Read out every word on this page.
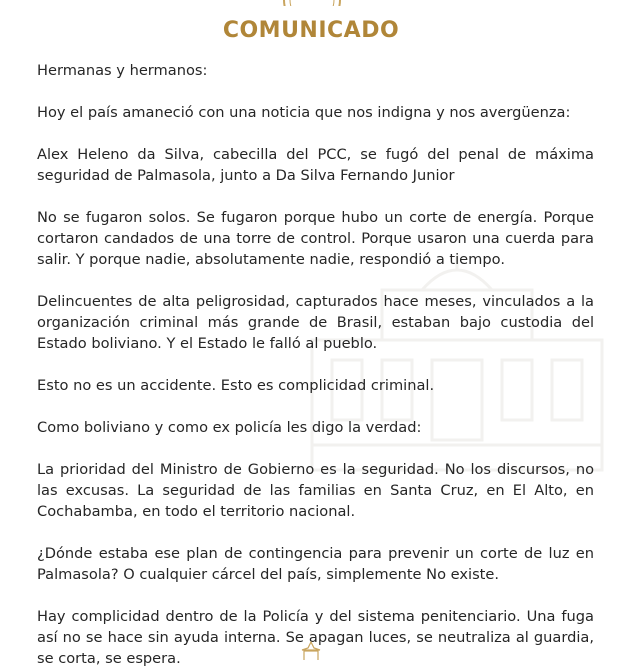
COMUNICADO

Hermanas y hermanos:

Hoy el país amaneció con una noticia que nos indigna y nos avergüenza:

Alex Heleno da Silva, cabecilla del PCC, se fugó del penal de máxima seguridad de Palmasola, junto a Da Silva Fernando Junior

No se fugaron solos. Se fugaron porque hubo un corte de energía. Porque cortaron candados de una torre de control. Porque usaron una cuerda para salir. Y porque nadie, absolutamente nadie, respondió a tiempo.

Delincuentes de alta peligrosidad, capturados hace meses, vinculados a la organización criminal más grande de Brasil, estaban bajo custodia del Estado boliviano. Y el Estado le falló al pueblo.

Esto no es un accidente. Esto es complicidad criminal.

Como boliviano y como ex policía les digo la verdad:

La prioridad del Ministro de Gobierno es la seguridad. No los discursos, no las excusas. La seguridad de las familias en Santa Cruz, en El Alto, en Cochabamba, en todo el territorio nacional.

¿Dónde estaba ese plan de contingencia para prevenir un corte de luz en Palmasola? O cualquier cárcel del país, simplemente No existe.

Hay complicidad dentro de la Policía y del sistema penitenciario. Una fuga así no se hace sin ayuda interna. Se apagan luces, se neutraliza al guardia, se corta, se espera.
